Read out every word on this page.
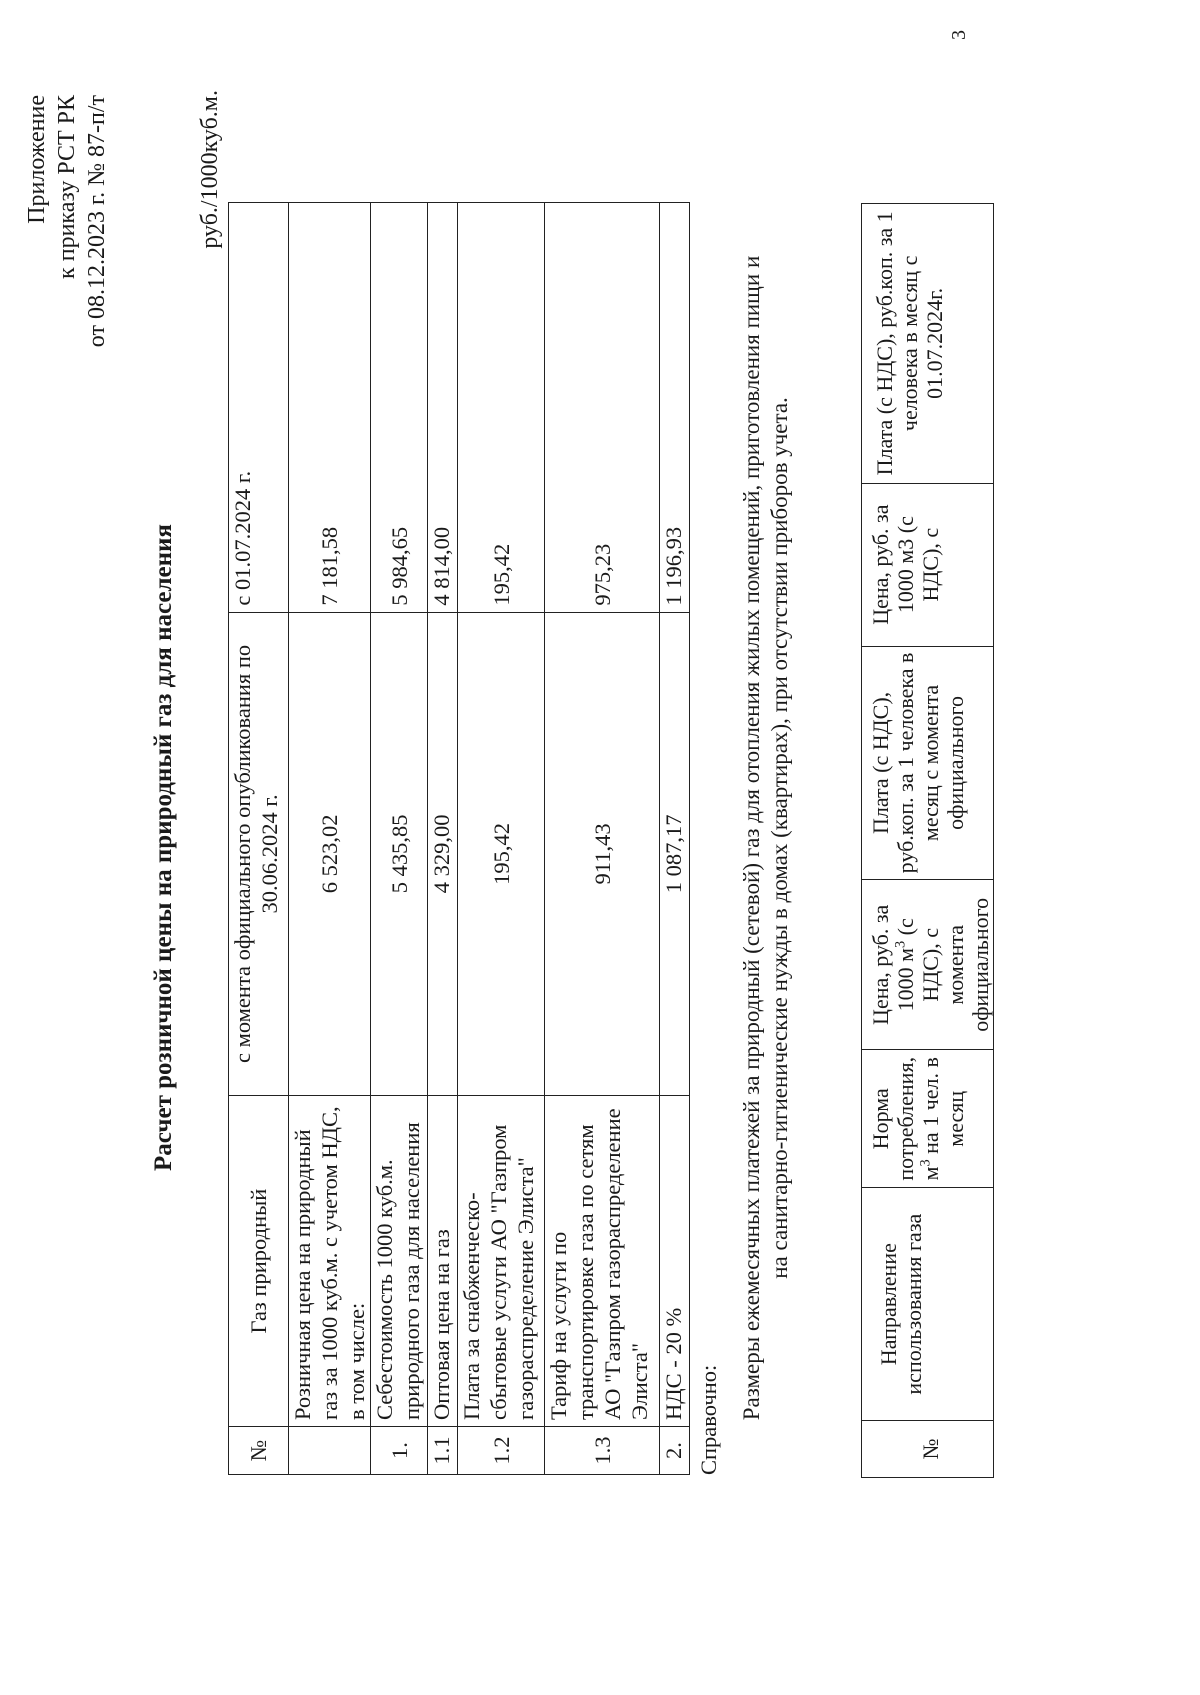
Приложение к приказу РСТ РК от 08.12.2023 г. № 87-п/т
Расчет розничной цены на природный газ для населения
руб./1000куб.м.
№	Газ природный	с момента официального опубликования по 30.06.2024 г.	с 01.07.2024 г.
	Розничная цена на природный газ за 1000 куб.м. с учетом НДС, в том числе:	6 523,02	7 181,58
1.	Себестоимость 1000 куб.м. природного газа для населения	5 435,85	5 984,65
1.1	Оптовая цена на газ	4 329,00	4 814,00
1.2	Плата за снабженческо-сбытовые услуги АО "Газпром газораспределение Элиста"	195,42	195,42
1.3	Тариф на услуги по транспортировке газа по сетям АО "Газпром газораспределение Элиста"	911,43	975,23
2.	НДС - 20 %	1 087,17	1 196,93
Справочно: Размеры ежемесячных платежей за природный (сетевой) газ для отопления жилых помещений, приготовления пищи и на санитарно-гигиенические нужды в домах (квартирах), при отсутствии приборов учета.
№	Направление использования газа	Норма потребления, $м^3$ на 1 чел. в месяц	Цена, руб. за 1000 $м^3$ (с НДС), с момента официального	Плата (с НДС), руб.коп. за 1 человека в месяц с момента официального	Цена, руб. за 1000 м3 (с НДС), с	Плата (с НДС), руб.коп. за 1 человека в месяц с 01.07.2024г.
3
